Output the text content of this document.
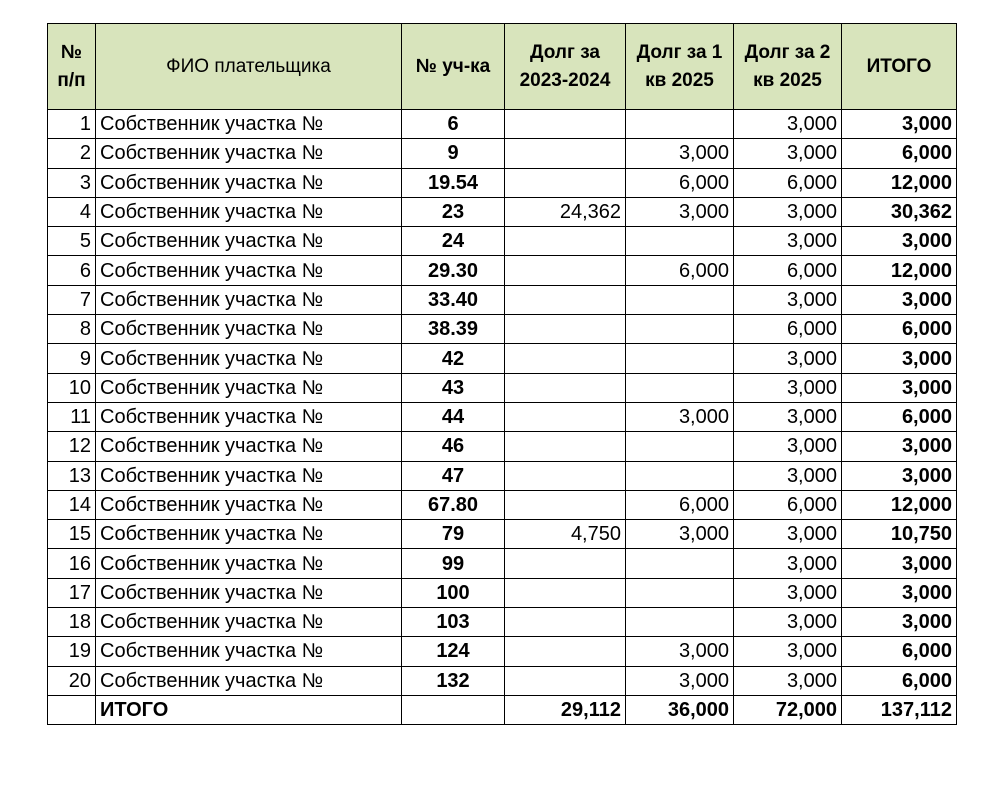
№ п/п	ФИО плательщика	№ уч-ка	Долг за 2023-2024	Долг за 1 кв 2025	Долг за 2 кв 2025	ИТОГО
1	Собственник участка №	6			3,000	3,000
2	Собственник участка №	9		3,000	3,000	6,000
3	Собственник участка №	19.54		6,000	6,000	12,000
4	Собственник участка №	23	24,362	3,000	3,000	30,362
5	Собственник участка №	24			3,000	3,000
6	Собственник участка №	29.30		6,000	6,000	12,000
7	Собственник участка №	33.40			3,000	3,000
8	Собственник участка №	38.39			6,000	6,000
9	Собственник участка №	42			3,000	3,000
10	Собственник участка №	43			3,000	3,000
11	Собственник участка №	44		3,000	3,000	6,000
12	Собственник участка №	46			3,000	3,000
13	Собственник участка №	47			3,000	3,000
14	Собственник участка №	67.80		6,000	6,000	12,000
15	Собственник участка №	79	4,750	3,000	3,000	10,750
16	Собственник участка №	99			3,000	3,000
17	Собственник участка №	100			3,000	3,000
18	Собственник участка №	103			3,000	3,000
19	Собственник участка №	124		3,000	3,000	6,000
20	Собственник участка №	132		3,000	3,000	6,000
	ИТОГО		29,112	36,000	72,000	137,112
